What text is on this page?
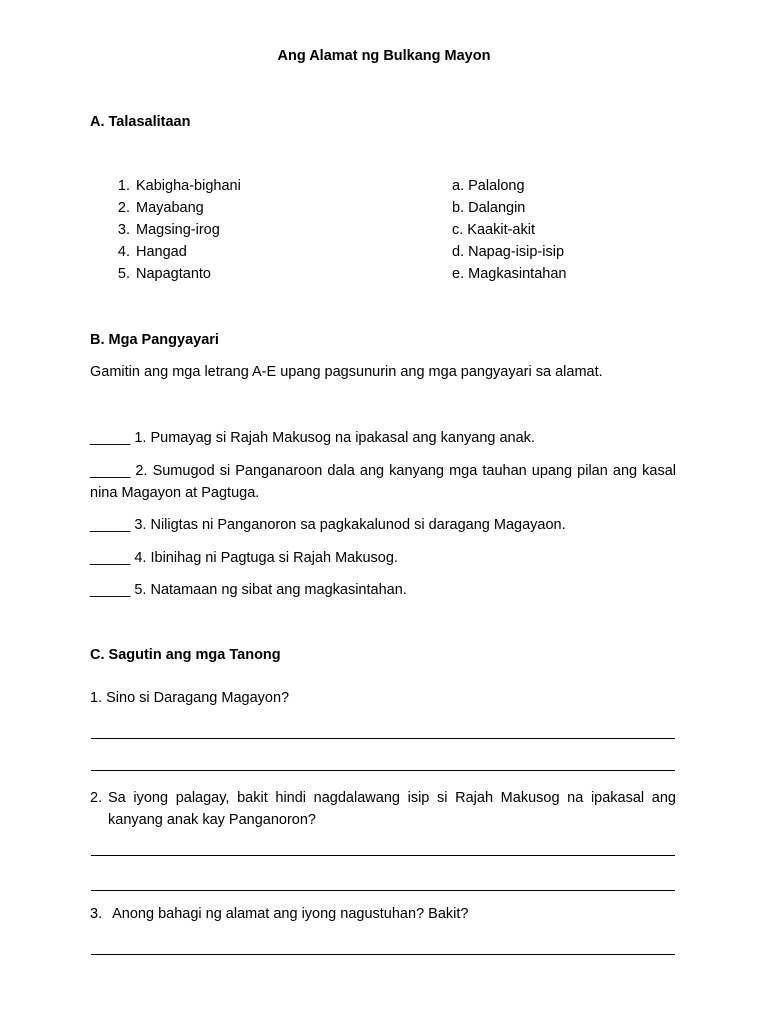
Ang Alamat ng Bulkang Mayon
A. Talasalitaan
1. Kabigha-bighani	a. Palalong
2. Mayabang	b. Dalangin
3. Magsing-irog	c. Kaakit-akit
4. Hangad	d. Napag-isip-isip
5. Napagtanto	e. Magkasintahan
B. Mga Pangyayari
Gamitin ang mga letrang A-E upang pagsunurin ang mga pangyayari sa alamat.
_____ 1. Pumayag si Rajah Makusog na ipakasal ang kanyang anak.
_____ 2. Sumugod si Panganaroon dala ang kanyang mga tauhan upang pilan ang kasal nina Magayon at Pagtuga.
_____ 3. Niligtas ni Panganoron sa pagkakalunod si daragang Magayaon.
_____ 4. Ibinihag ni Pagtuga si Rajah Makusog.
_____ 5. Natamaan ng sibat ang magkasintahan.
C. Sagutin ang mga Tanong
1. Sino si Daragang Magayon?
2. Sa iyong palagay, bakit hindi nagdalawang isip si Rajah Makusog na ipakasal ang kanyang anak kay Panganoron?
3. Anong bahagi ng alamat ang iyong nagustuhan? Bakit?
